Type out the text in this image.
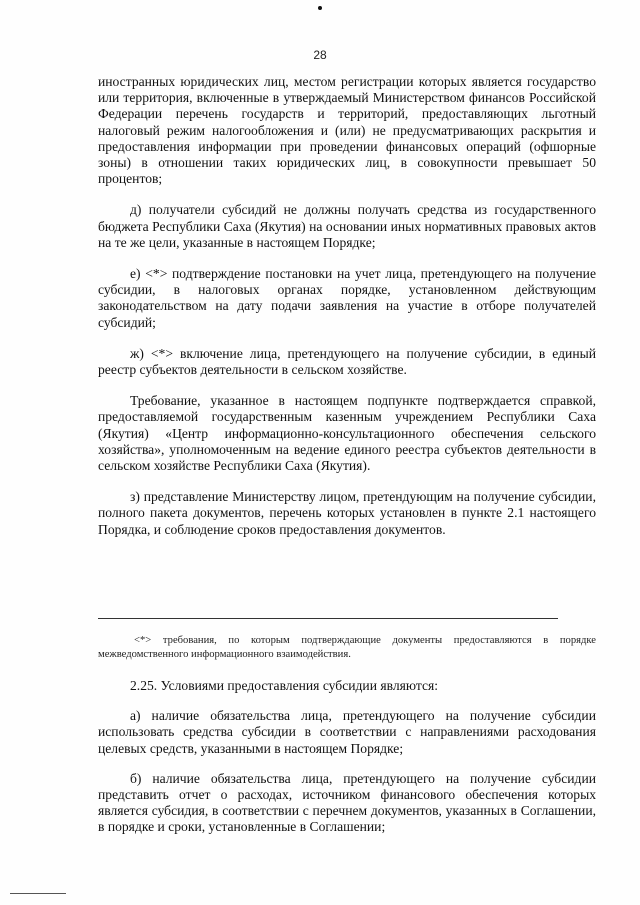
28

иностранных юридических лиц, местом регистрации которых является государство или территория, включенные в утверждаемый Министерством финансов Российской Федерации перечень государств и территорий, предоставляющих льготный налоговый режим налогообложения и (или) не предусматривающих раскрытия и предоставления информации при проведении финансовых операций (офшорные зоны) в отношении таких юридических лиц, в совокупности превышает 50 процентов;

д) получатели субсидий не должны получать средства из государственного бюджета Республики Саха (Якутия) на основании иных нормативных правовых актов на те же цели, указанные в настоящем Порядке;

е) <*> подтверждение постановки на учет лица, претендующего на получение субсидии, в налоговых органах порядке, установленном действующим законодательством на дату подачи заявления на участие в отборе получателей субсидий;

ж) <*> включение лица, претендующего на получение субсидии, в единый реестр субъектов деятельности в сельском хозяйстве.

Требование, указанное в настоящем подпункте подтверждается справкой, предоставляемой государственным казенным учреждением Республики Саха (Якутия) «Центр информационно-консультационного обеспечения сельского хозяйства», уполномоченным на ведение единого реестра субъектов деятельности в сельском хозяйстве Республики Саха (Якутия).

з) представление Министерству лицом, претендующим на получение субсидии, полного пакета документов, перечень которых установлен в пункте 2.1 настоящего Порядка, и соблюдение сроков предоставления документов.

<*> требования, по которым подтверждающие документы предоставляются в порядке межведомственного информационного взаимодействия.

2.25. Условиями предоставления субсидии являются:

а) наличие обязательства лица, претендующего на получение субсидии использовать средства субсидии в соответствии с направлениями расходования целевых средств, указанными в настоящем Порядке;

б) наличие обязательства лица, претендующего на получение субсидии представить отчет о расходах, источником финансового обеспечения которых является субсидия, в соответствии с перечнем документов, указанных в Соглашении, в порядке и сроки, установленные в Соглашении;
